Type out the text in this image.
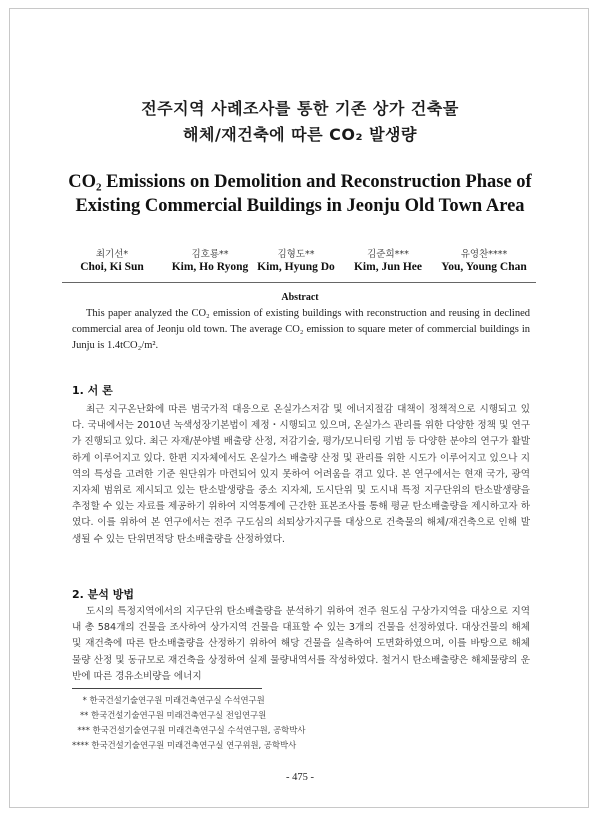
전주지역 사례조사를 통한 기존 상가 건축물
해체/재건축에 따른 CO₂ 발생량
CO₂ Emissions on Demolition and Reconstruction Phase of
Existing Commercial Buildings in Jeonju Old Town Area
최기선*
Choi, Ki Sun
김호룡**
Kim, Ho Ryong
김형도**
Kim, Hyung Do
김준희***
Kim, Jun Hee
유영찬****
You, Young Chan
Abstract
This paper analyzed the CO₂ emission of existing buildings with reconstruction and reusing in declined commercial area of Jeonju old town. The average CO₂ emission to square meter of commercial buildings in Junju is 1.4tCO₂/m².
1. 서 론
최근 지구온난화에 따른 범국가적 대응으로 온실가스저감 및 에너지절감 대책이 정책적으로 시행되고 있다. 국내에서는 2010년 녹색성장기본법이 제정・시행되고 있으며, 온실가스 관리를 위한 다양한 정책 및 연구가 진행되고 있다. 최근 자재/분야별 배출량 산정, 저감기술, 평가/모니터링 기법 등 다양한 분야의 연구가 활발하게 이루어지고 있다. 한편 지자체에서도 온실가스 배출량 산정 및 관리를 위한 시도가 이루어지고 있으나 지역의 특성을 고려한 기준 원단위가 마련되어 있지 못하여 어려움을 겪고 있다. 본 연구에서는 현재 국가, 광역지자체 범위로 제시되고 있는 탄소발생량을 중소 지자체, 도시단위 및 도시내 특정 지구단위의 탄소발생량을 추정할 수 있는 자료를 제공하기 위하여 지역통계에 근간한 표본조사를 통해 평균 탄소배출량을 제시하고자 하였다. 이를 위하여 본 연구에서는 전주 구도심의 쇠퇴상가지구를 대상으로 건축물의 해체/재건축으로 인해 발생될 수 있는 단위면적당 탄소배출량을 산정하였다.
2. 분석 방법
도시의 특정지역에서의 지구단위 탄소배출량을 분석하기 위하여 전주 원도심 구상가지역을 대상으로 지역내 총 584개의 건물을 조사하여 상가지역 건물을 대표할 수 있는 3개의 건물을 선정하였다. 대상건물의 해체 및 재건축에 따른 탄소배출량을 산정하기 위하여 해당 건물을 실측하여 도면화하였으며, 이를 바탕으로 해체 물량 산정 및 동규모로 재건축을 상정하여 실제 물량내역서를 작성하였다. 철거시 탄소배출량은 해체물량의 운반에 따른 경유소비량을 에너지
* 한국건설기술연구원 미래건축연구실 수석연구원
** 한국건설기술연구원 미래건축연구실 전임연구원
*** 한국건설기술연구원 미래건축연구실 수석연구원, 공학박사
**** 한국건설기술연구원 미래건축연구실 연구위원, 공학박사
- 475 -
